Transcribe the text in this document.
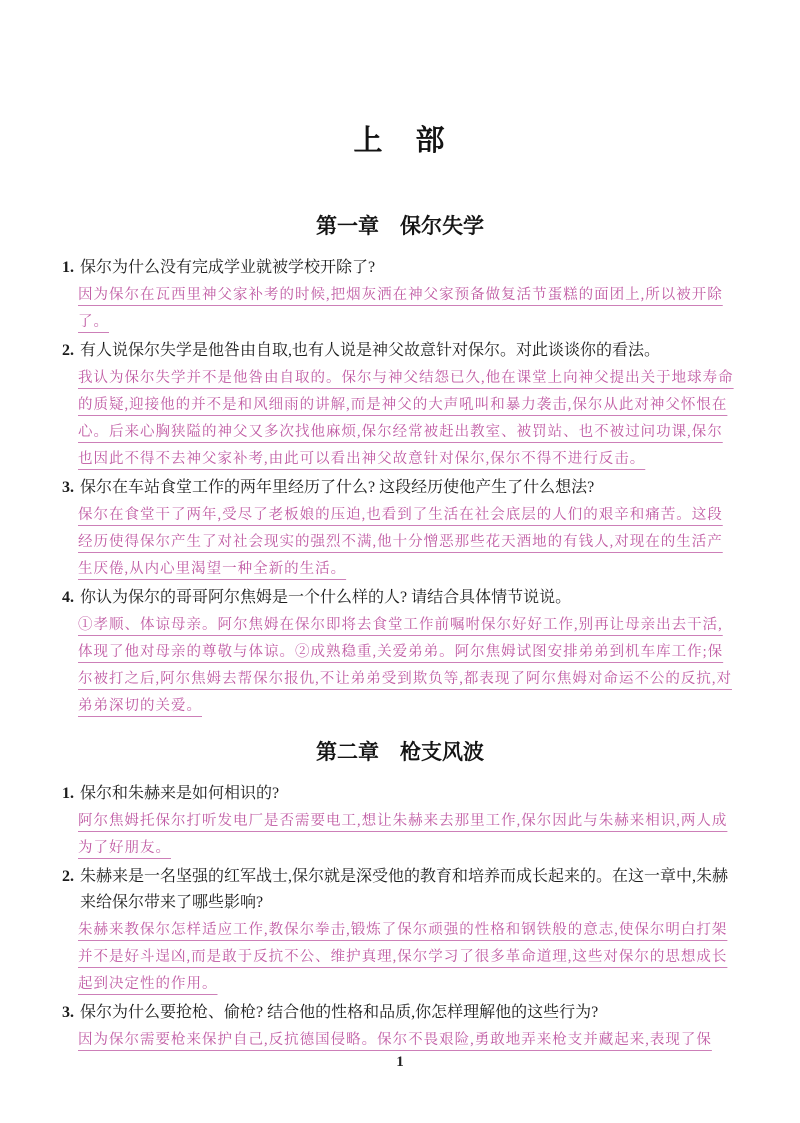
上　部
第一章　保尔失学
1. 保尔为什么没有完成学业就被学校开除了?
因为保尔在瓦西里神父家补考的时候,把烟灰洒在神父家预备做复活节蛋糕的面团上,所以被开除了。
2. 有人说保尔失学是他咎由自取,也有人说是神父故意针对保尔。对此谈谈你的看法。
我认为保尔失学并不是他咎由自取的。保尔与神父结怨已久,他在课堂上向神父提出关于地球寿命的质疑,迎接他的并不是和风细雨的讲解,而是神父的大声吼叫和暴力袭击,保尔从此对神父怀恨在心。后来心胸狭隘的神父又多次找他麻烦,保尔经常被赶出教室、被罚站、也不被过问功课,保尔也因此不得不去神父家补考,由此可以看出神父故意针对保尔,保尔不得不进行反击。
3. 保尔在车站食堂工作的两年里经历了什么? 这段经历使他产生了什么想法?
保尔在食堂干了两年,受尽了老板娘的压迫,也看到了生活在社会底层的人们的艰辛和痛苦。这段经历使得保尔产生了对社会现实的强烈不满,他十分憎恶那些花天酒地的有钱人,对现在的生活产生厌倦,从内心里渴望一种全新的生活。
4. 你认为保尔的哥哥阿尔焦姆是一个什么样的人? 请结合具体情节说说。
①孝顺、体谅母亲。阿尔焦姆在保尔即将去食堂工作前嘱咐保尔好好工作,别再让母亲出去干活,体现了他对母亲的尊敬与体谅。②成熟稳重,关爱弟弟。阿尔焦姆试图安排弟弟到机车库工作;保尔被打之后,阿尔焦姆去帮保尔报仇,不让弟弟受到欺负等,都表现了阿尔焦姆对命运不公的反抗,对弟弟深切的关爱。
第二章　枪支风波
1. 保尔和朱赫来是如何相识的?
阿尔焦姆托保尔打听发电厂是否需要电工,想让朱赫来去那里工作,保尔因此与朱赫来相识,两人成为了好朋友。
2. 朱赫来是一名坚强的红军战士,保尔就是深受他的教育和培养而成长起来的。在这一章中,朱赫来给保尔带来了哪些影响?
朱赫来教保尔怎样适应工作,教保尔拳击,锻炼了保尔顽强的性格和钢铁般的意志,使保尔明白打架并不是好斗逞凶,而是敢于反抗不公、维护真理,保尔学习了很多革命道理,这些对保尔的思想成长起到决定性的作用。
3. 保尔为什么要抢枪、偷枪? 结合他的性格和品质,你怎样理解他的这些行为?
因为保尔需要枪来保护自己,反抗德国侵略。保尔不畏艰险,勇敢地弄来枪支并藏起来,表现了保
1
